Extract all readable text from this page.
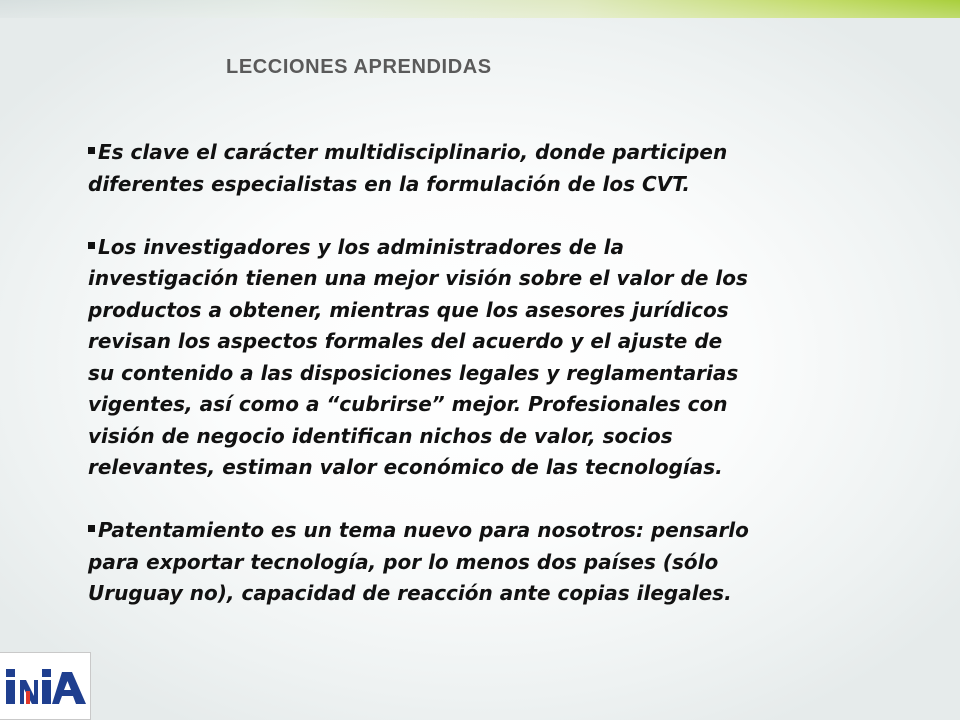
LECCIONES APRENDIDAS
Es clave el carácter multidisciplinario, donde participen
diferentes especialistas en la formulación de los CVT.
Los investigadores y los administradores de la
investigación tienen una mejor visión sobre el valor de los
productos a obtener, mientras que los asesores jurídicos
revisan los aspectos formales del acuerdo y el ajuste de
su contenido a las disposiciones legales y reglamentarias
vigentes, así como a “cubrirse” mejor. Profesionales con
visión de negocio identifican nichos de valor, socios
relevantes, estiman valor económico de las tecnologías.
Patentamiento es un tema nuevo para nosotros: pensarlo
para exportar tecnología, por lo menos dos países (sólo
Uruguay no), capacidad de reacción ante copias ilegales.
